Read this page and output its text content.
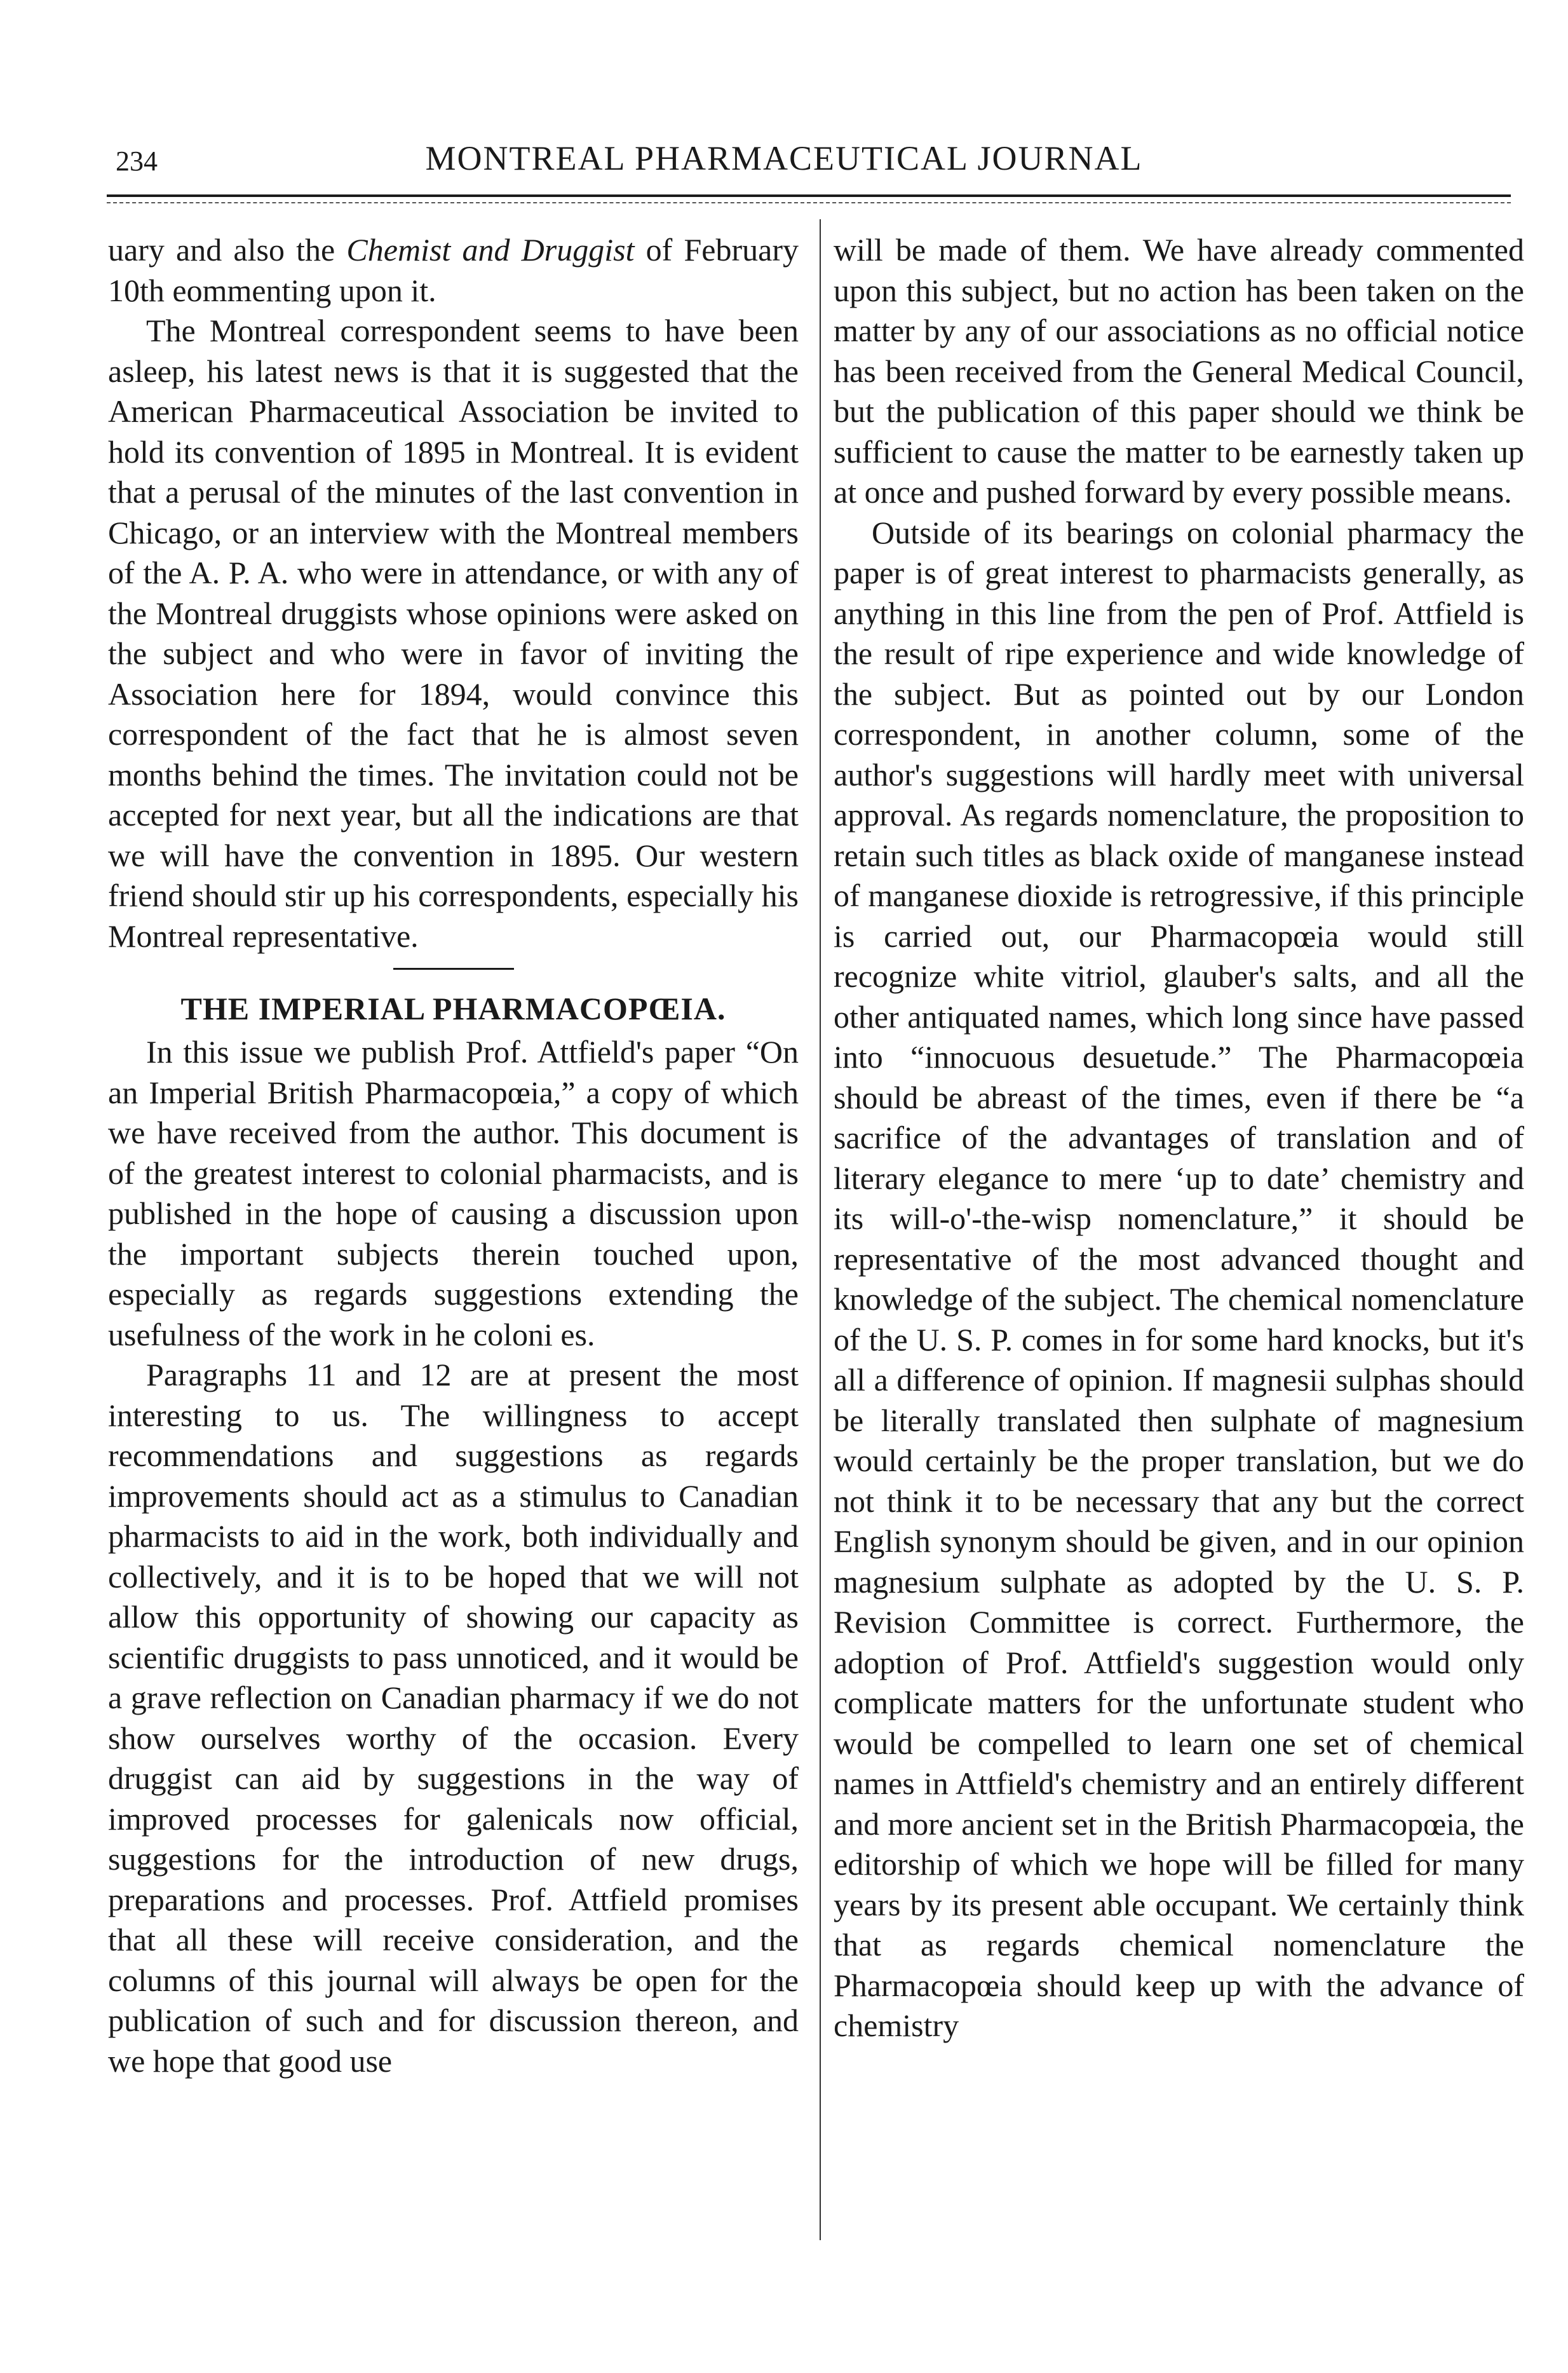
234	MONTREAL PHARMACEUTICAL JOURNAL

uary and also the Chemist and Druggist of February 10th eommenting upon it.

The Montreal correspondent seems to have been asleep, his latest news is that it is suggested that the American Pharmaceutical Association be invited to hold its convention of 1895 in Montreal. It is evident that a perusal of the minutes of the last convention in Chicago, or an interview with the Montreal members of the A. P. A. who were in attendance, or with any of the Montreal druggists whose opinions were asked on the subject and who were in favor of inviting the Association here for 1894, would convince this correspondent of the fact that he is almost seven months behind the times. The invitation could not be accepted for next year, but all the indications are that we will have the convention in 1895. Our western friend should stir up his correspondents, especially his Montreal representative.

THE IMPERIAL PHARMACOPŒIA.

In this issue we publish Prof. Attfield's paper “On an Imperial British Pharmacopœia,” a copy of which we have received from the author. This document is of the greatest interest to colonial pharmacists, and is published in the hope of causing a discussion upon the important subjects therein touched upon, especially as regards suggestions extending the usefulness of the work in he coloni es.

Paragraphs 11 and 12 are at present the most interesting to us. The willingness to accept recommendations and suggestions as regards improvements should act as a stimulus to Canadian pharmacists to aid in the work, both individually and collectively, and it is to be hoped that we will not allow this opportunity of showing our capacity as scientific druggists to pass unnoticed, and it would be a grave reflection on Canadian pharmacy if we do not show ourselves worthy of the occasion. Every druggist can aid by suggestions in the way of improved processes for galenicals now official, suggestions for the introduction of new drugs, preparations and processes. Prof. Attfield promises that all these will receive consideration, and the columns of this journal will always be open for the publication of such and for discussion thereon, and we hope that good use

will be made of them. We have already commented upon this subject, but no action has been taken on the matter by any of our associations as no official notice has been received from the General Medical Council, but the publication of this paper should we think be sufficient to cause the matter to be earnestly taken up at once and pushed forward by every possible means.

Outside of its bearings on colonial pharmacy the paper is of great interest to pharmacists generally, as anything in this line from the pen of Prof. Attfield is the result of ripe experience and wide knowledge of the subject. But as pointed out by our London correspondent, in another column, some of the author's suggestions will hardly meet with universal approval. As regards nomenclature, the proposition to retain such titles as black oxide of manganese instead of manganese dioxide is retrogressive, if this principle is carried out, our Pharmacopœia would still recognize white vitriol, glauber's salts, and all the other antiquated names, which long since have passed into “innocuous desuetude.” The Pharmacopœia should be abreast of the times, even if there be “a sacrifice of the advantages of translation and of literary elegance to mere ‘up to date’ chemistry and its will-o'-the-wisp nomenclature,” it should be representative of the most advanced thought and knowledge of the subject. The chemical nomenclature of the U. S. P. comes in for some hard knocks, but it's all a difference of opinion. If magnesii sulphas should be literally translated then sulphate of magnesium would certainly be the proper translation, but we do not think it to be necessary that any but the correct English synonym should be given, and in our opinion magnesium sulphate as adopted by the U. S. P. Revision Committee is correct. Furthermore, the adoption of Prof. Attfield's suggestion would only complicate matters for the unfortunate student who would be compelled to learn one set of chemical names in Attfield's chemistry and an entirely different and more ancient set in the British Pharmacopœia, the editorship of which we hope will be filled for many years by its present able occupant. We certainly think that as regards chemical nomenclature the Pharmacopœia should keep up with the advance of chemistry
